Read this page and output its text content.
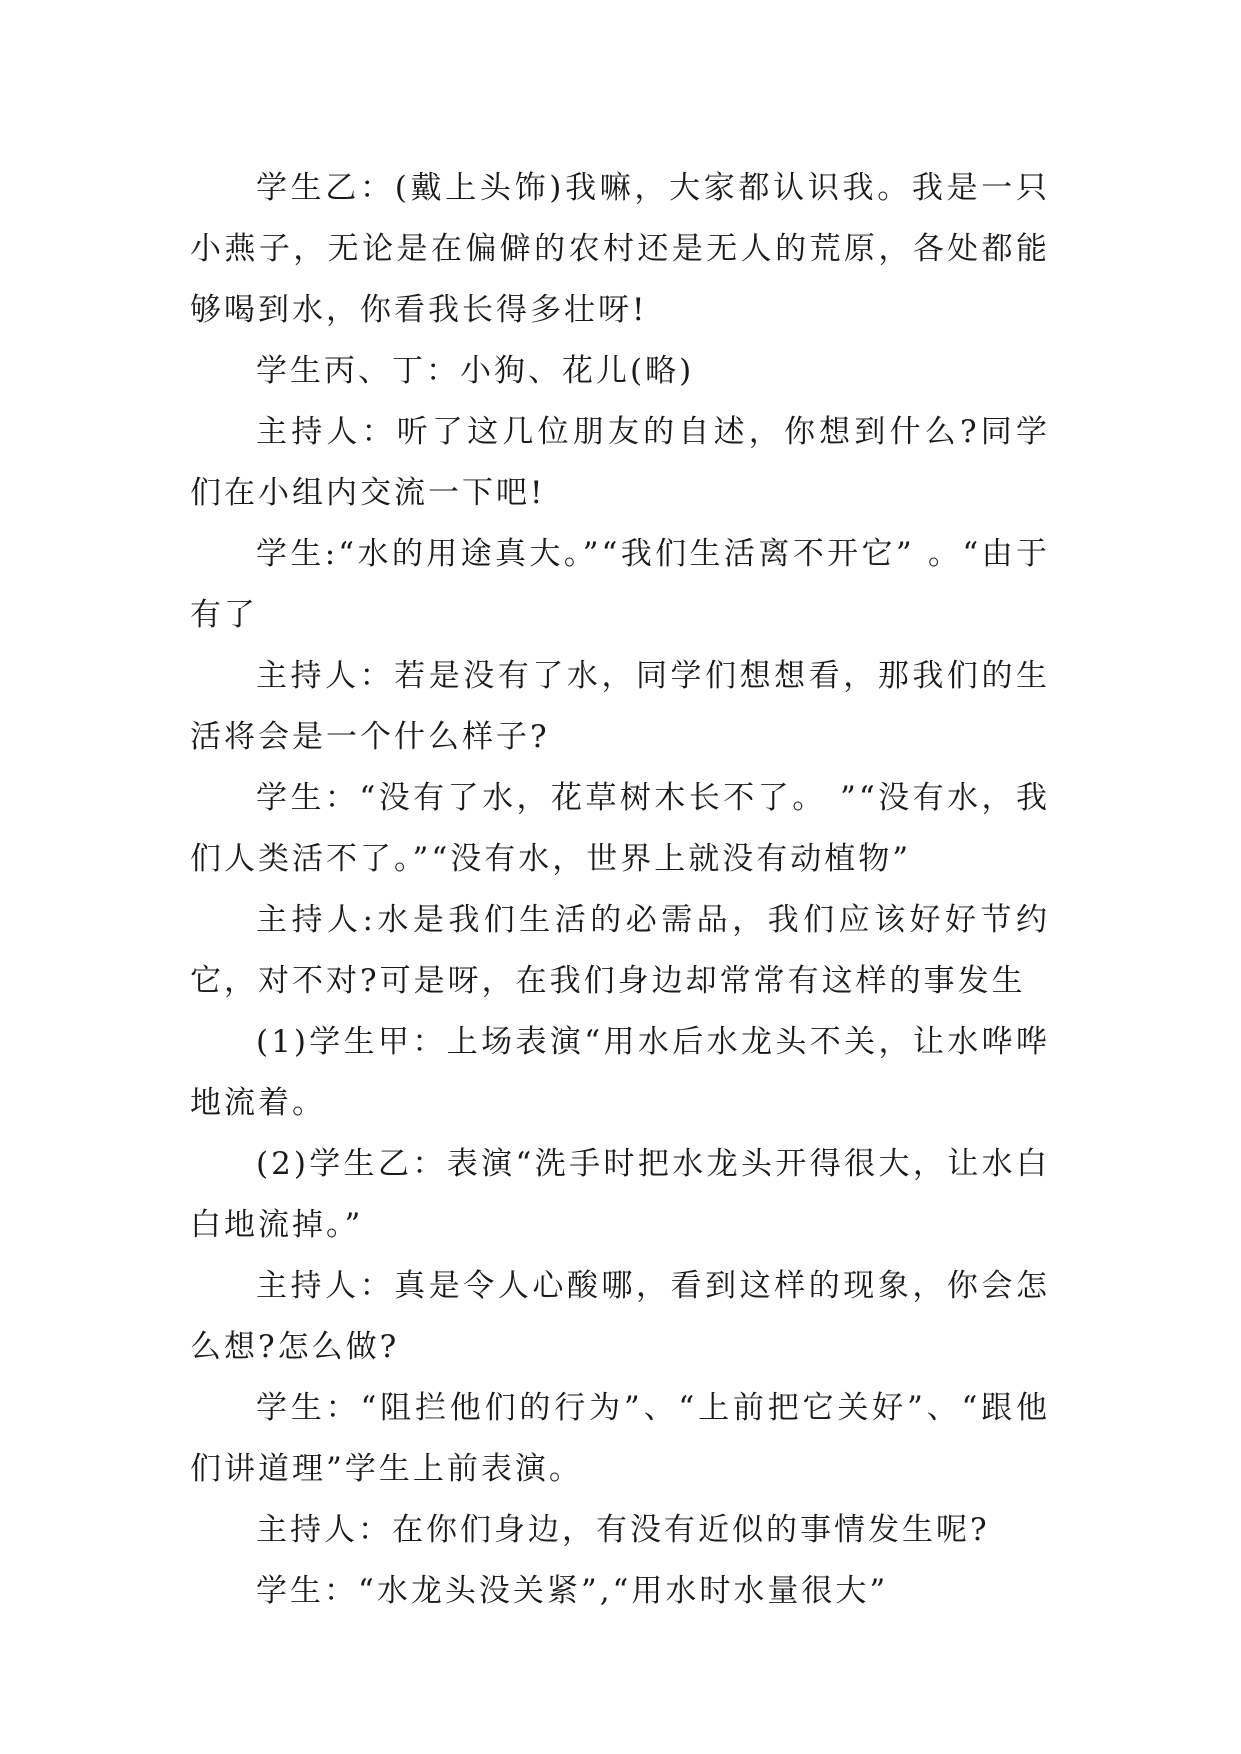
学生乙：(戴上头饰)我嘛，大家都认识我。我是一只小燕子，无论是在偏僻的农村还是无人的荒原，各处都能够喝到水，你看我长得多壮呀!

学生丙、丁：小狗、花儿(略)

主持人：听了这几位朋友的自述，你想到什么?同学们在小组内交流一下吧!

学生:“水的用途真大。”“我们生活离不开它” 。“由于有了

主持人：若是没有了水，同学们想想看，那我们的生活将会是一个什么样子?

学生：“没有了水，花草树木长不了。 ”“没有水，我们人类活不了。”“没有水，世界上就没有动植物”

主持人:水是我们生活的必需品，我们应该好好节约它，对不对?可是呀，在我们身边却常常有这样的事发生

(1)学生甲：上场表演“用水后水龙头不关，让水哗哗地流着。

(2)学生乙：表演“洗手时把水龙头开得很大，让水白白地流掉。”

主持人：真是令人心酸哪，看到这样的现象，你会怎么想?怎么做?

学生：“阻拦他们的行为”、“上前把它关好”、“跟他们讲道理”学生上前表演。

主持人：在你们身边，有没有近似的事情发生呢?

学生：“水龙头没关紧”,“用水时水量很大”
